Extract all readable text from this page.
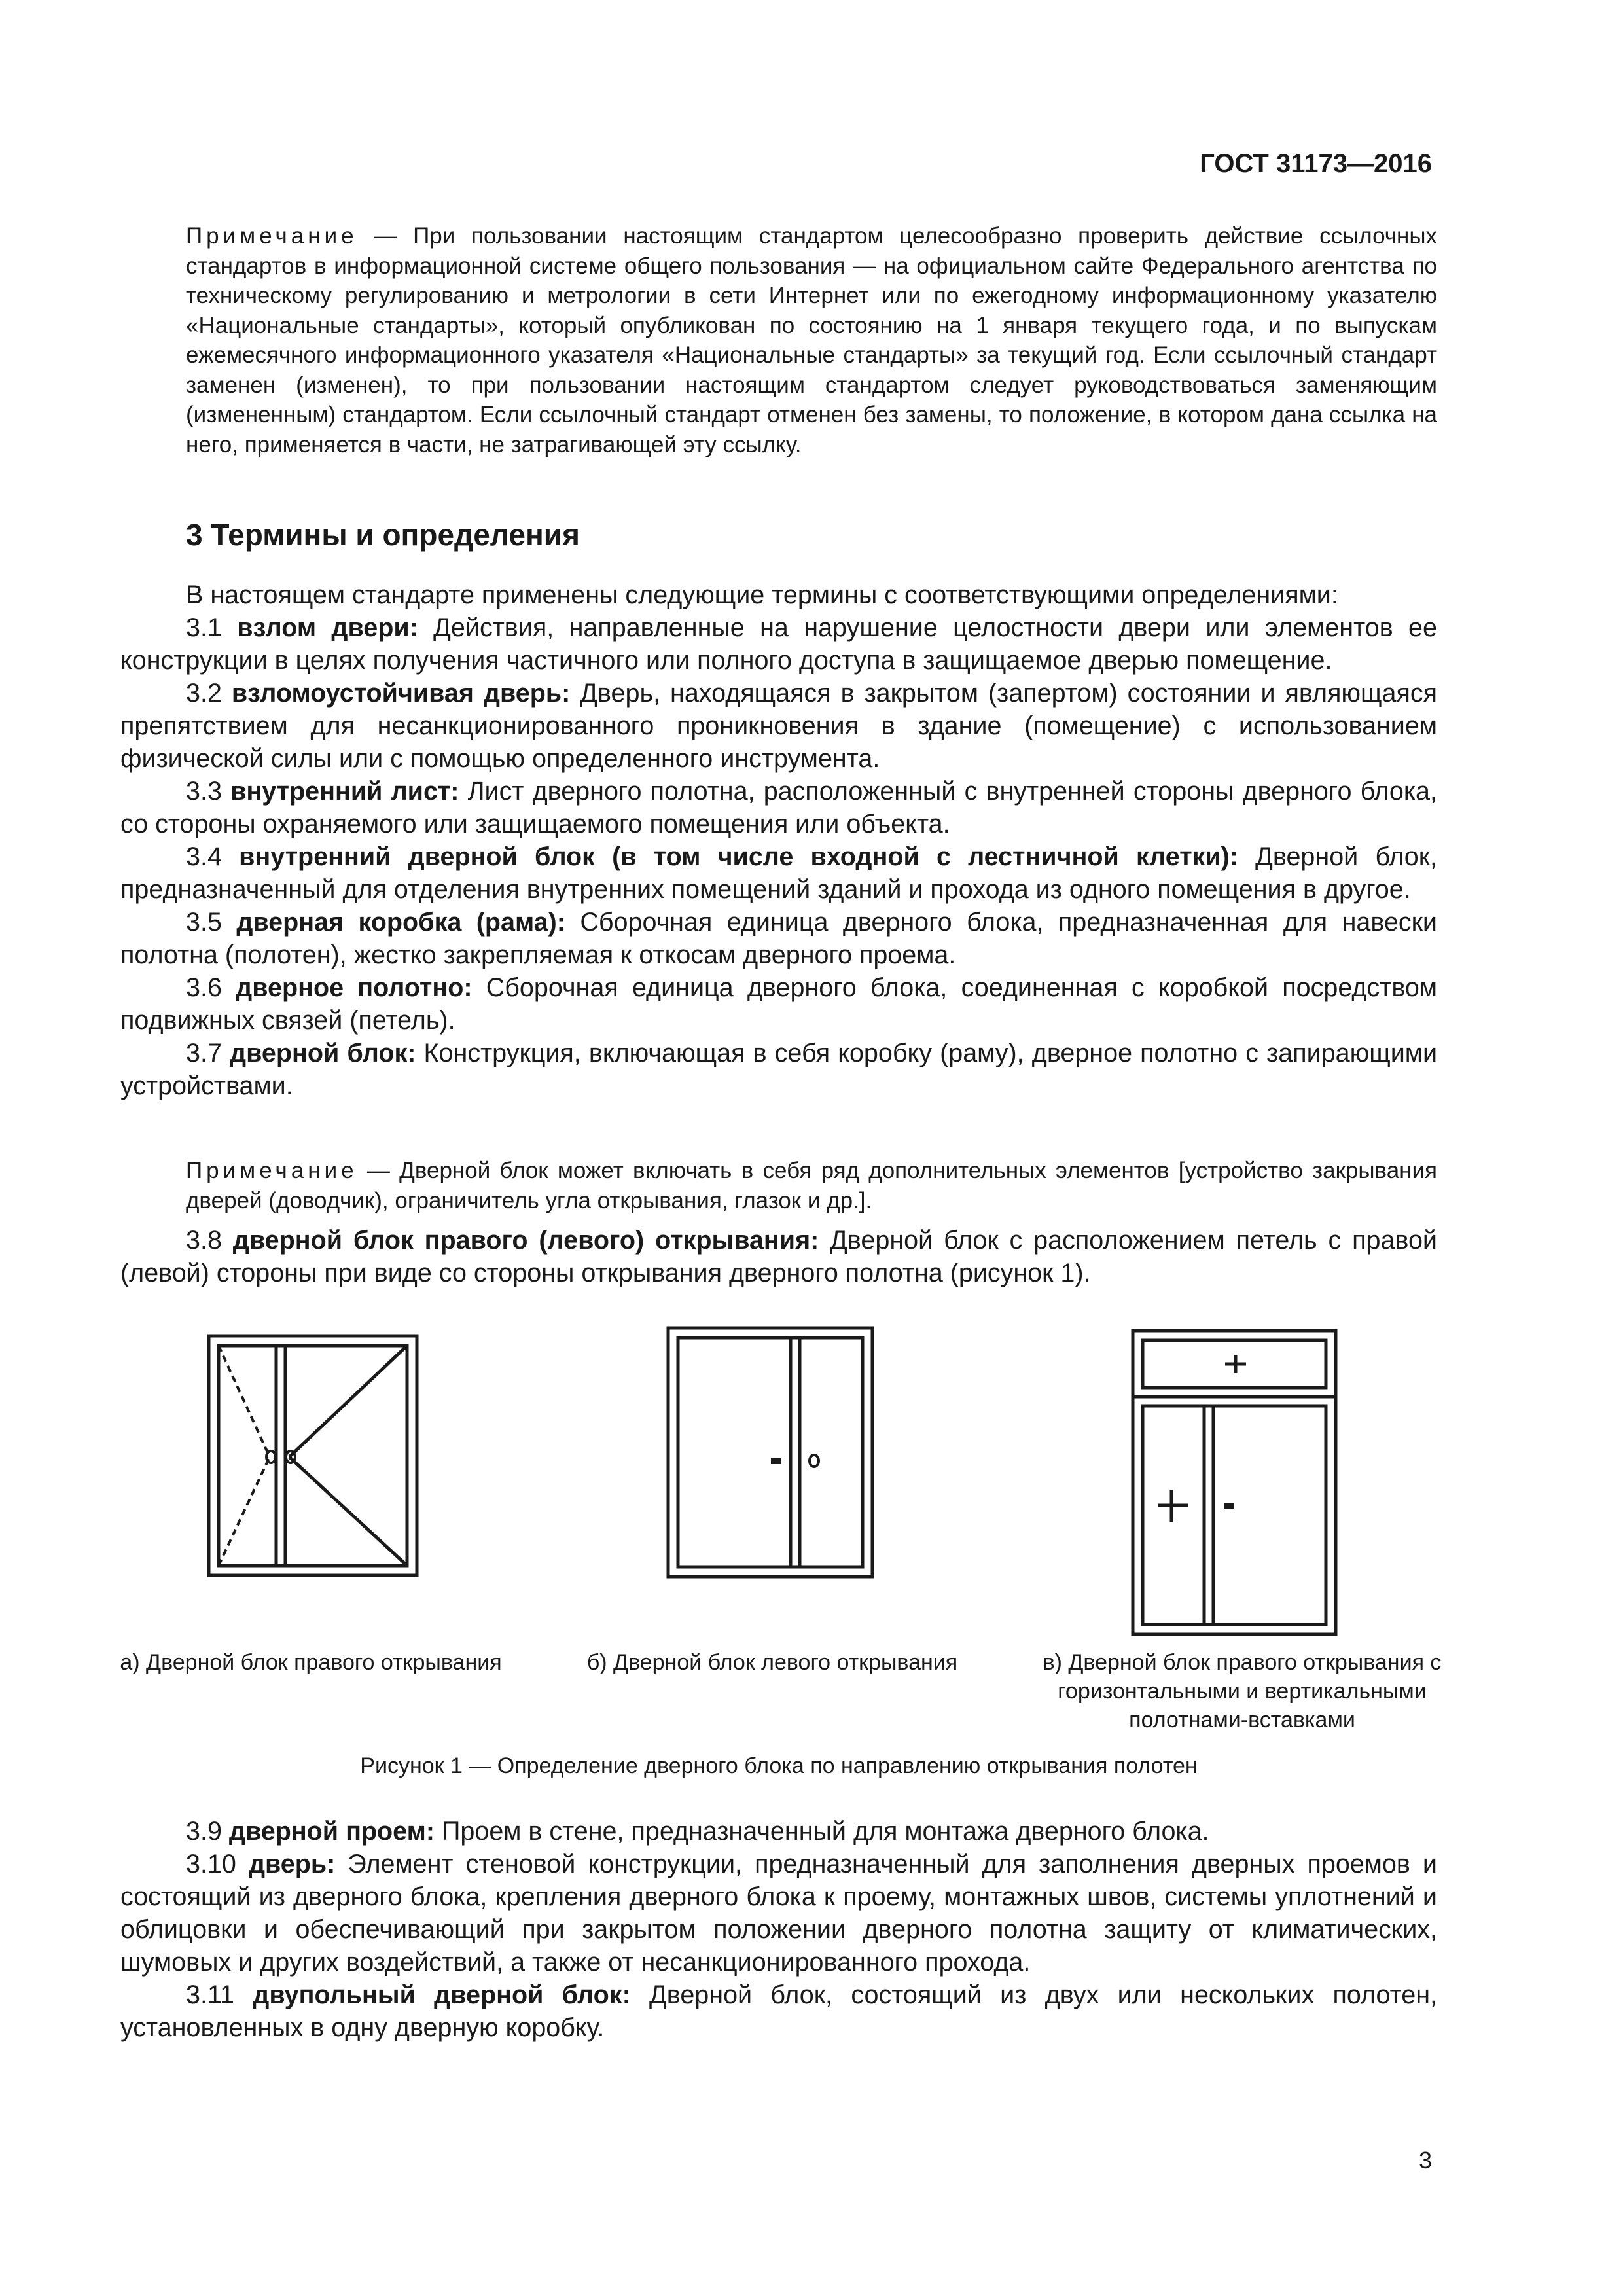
ГОСТ 31173—2016
Примечание — При пользовании настоящим стандартом целесообразно проверить действие ссылочных стандартов в информационной системе общего пользования — на официальном сайте Федерального агентства по техническому регулированию и метрологии в сети Интернет или по ежегодному информационному указателю «Национальные стандарты», который опубликован по состоянию на 1 января текущего года, и по выпускам ежемесячного информационного указателя «Национальные стандарты» за текущий год. Если ссылочный стандарт заменен (изменен), то при пользовании настоящим стандартом следует руководствоваться заменяющим (измененным) стандартом. Если ссылочный стандарт отменен без замены, то положение, в котором дана ссылка на него, применяется в части, не затрагивающей эту ссылку.
3 Термины и определения

В настоящем стандарте применены следующие термины с соответствующими определениями:

3.1 взлом двери: Действия, направленные на нарушение целостности двери или элементов ее конструкции в целях получения частичного или полного доступа в защищаемое дверью помещение.

3.2 взломоустойчивая дверь: Дверь, находящаяся в закрытом (запертом) состоянии и являющаяся препятствием для несанкционированного проникновения в здание (помещение) с использованием физической силы или с помощью определенного инструмента.

3.3 внутренний лист: Лист дверного полотна, расположенный с внутренней стороны дверного блока, со стороны охраняемого или защищаемого помещения или объекта.

3.4 внутренний дверной блок (в том числе входной с лестничной клетки): Дверной блок, предназначенный для отделения внутренних помещений зданий и прохода из одного помещения в другое.

3.5 дверная коробка (рама): Сборочная единица дверного блока, предназначенная для навески полотна (полотен), жестко закрепляемая к откосам дверного проема.

3.6 дверное полотно: Сборочная единица дверного блока, соединенная с коробкой посредством подвижных связей (петель).

3.7 дверной блок: Конструкция, включающая в себя коробку (раму), дверное полотно с запирающими устройствами.

Примечание — Дверной блок может включать в себя ряд дополнительных элементов [устройство закрывания дверей (доводчик), ограничитель угла открывания, глазок и др.].

3.8 дверной блок правого (левого) открывания: Дверной блок с расположением петель с правой (левой) стороны при виде со стороны открывания дверного полотна (рисунок 1).

а) Дверной блок правого открывания	б) Дверной блок левого открывания	в) Дверной блок правого открывания с горизонтальными и вертикальными полотнами-вставками
Рисунок 1 — Определение дверного блока по направлению открывания полотен

3.9 дверной проем: Проем в стене, предназначенный для монтажа дверного блока.

3.10 дверь: Элемент стеновой конструкции, предназначенный для заполнения дверных проемов и состоящий из дверного блока, крепления дверного блока к проему, монтажных швов, системы уплотнений и облицовки и обеспечивающий при закрытом положении дверного полотна защиту от климатических, шумовых и других воздействий, а также от несанкционированного прохода.

3.11 двупольный дверной блок: Дверной блок, состоящий из двух или нескольких полотен, установленных в одну дверную коробку.

3
